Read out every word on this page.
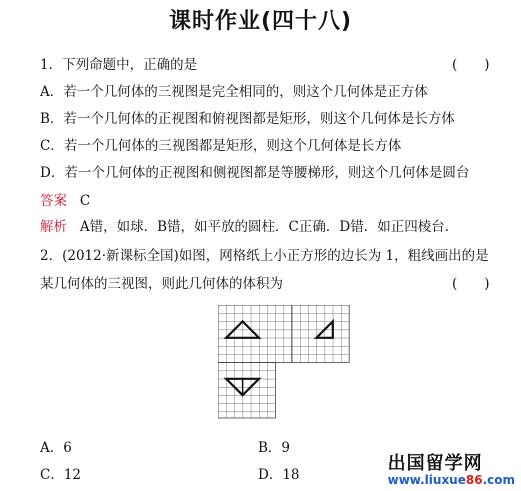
课时作业(四十八)
1．下列命题中，正确的是	(　　)
A．若一个几何体的三视图是完全相同的，则这个几何体是正方体
B．若一个几何体的正视图和俯视图都是矩形，则这个几何体是长方体
C．若一个几何体的三视图都是矩形，则这个几何体是长方体
D．若一个几何体的正视图和侧视图都是等腰梯形，则这个几何体是圆台
答案 C
解析 A错，如球．B错，如平放的圆柱．C正确．D错．如正四棱台．
2．(2012·新课标全国)如图，网格纸上小正方形的边长为 1，粗线画出的是
某几何体的三视图，则此几何体的体积为	(　　)
A．6	B．9
C．12	D．18
出国留学网
www.liuxue86.com
